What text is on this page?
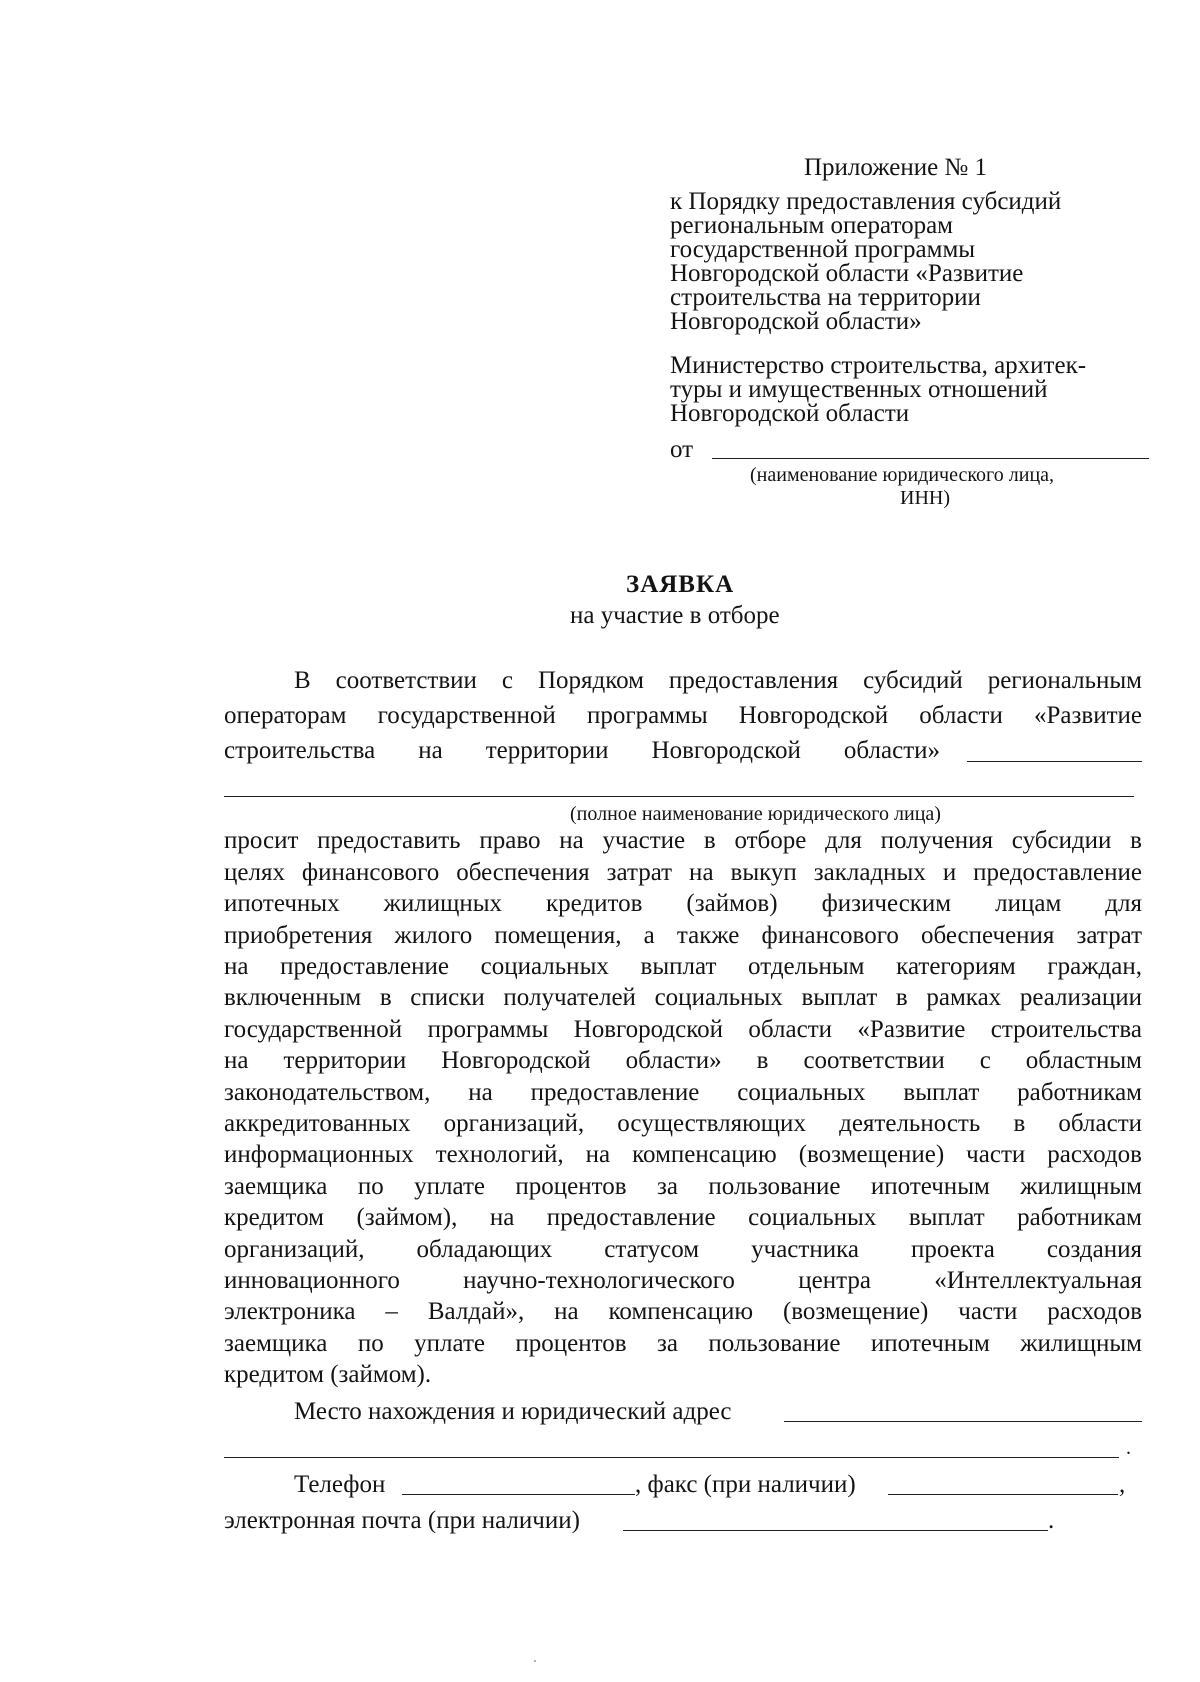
Приложение № 1
к Порядку предоставления субсидий
региональным операторам
государственной программы
Новгородской области «Развитие
строительства на территории
Новгородской области»
Министерство строительства, архитек-
туры и имущественных отношений
Новгородской области
от
(наименование юридического лица,
ИНН)
ЗАЯВКА
на участие в отборе
В соответствии с Порядком предоставления субсидий региональным
операторам государственной программы Новгородской области «Развитие
строительства на территории Новгородской области»
(полное наименование юридического лица)
просит предоставить право на участие в отборе для получения субсидии в
целях финансового обеспечения затрат на выкуп закладных и предоставление
ипотечных жилищных кредитов (займов) физическим лицам для
приобретения жилого помещения, а также финансового обеспечения затрат
на предоставление социальных выплат отдельным категориям граждан,
включенным в списки получателей социальных выплат в рамках реализации
государственной программы Новгородской области «Развитие строительства
на территории Новгородской области» в соответствии с областным
законодательством, на предоставление социальных выплат работникам
аккредитованных организаций, осуществляющих деятельность в области
информационных технологий, на компенсацию (возмещение) части расходов
заемщика по уплате процентов за пользование ипотечным жилищным
кредитом (займом), на предоставление социальных выплат работникам
организаций, обладающих статусом участника проекта создания
инновационного научно-технологического центра «Интеллектуальная
электроника – Валдай», на компенсацию (возмещение) части расходов
заемщика по уплате процентов за пользование ипотечным жилищным
кредитом (займом).
Место нахождения и юридический адрес
.
Телефон	, факс (при наличии)	,
электронная почта (при наличии)	.
